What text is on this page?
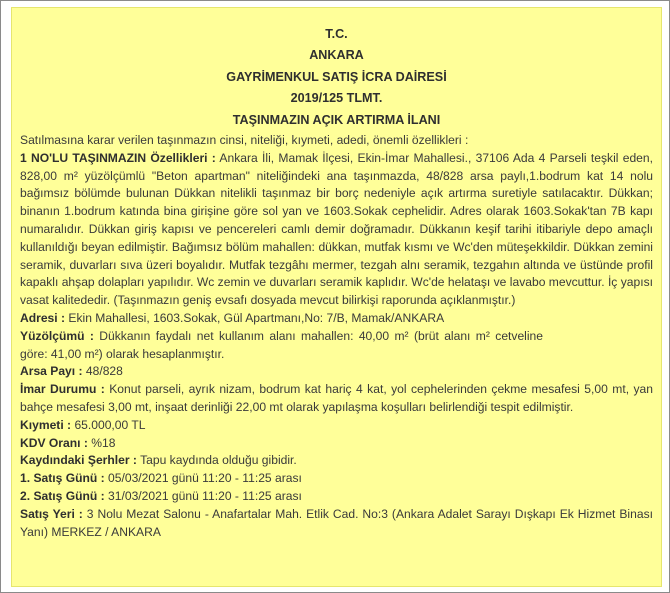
T.C.
ANKARA
GAYRİMENKUL SATIŞ İCRA DAİRESİ
2019/125 TLMT.
TAŞINMAZIN AÇIK ARTIRMA İLANI

Satılmasına karar verilen taşınmazın cinsi, niteliği, kıymeti, adedi, önemli özellikleri :

1 NO'LU TAŞINMAZIN Özellikleri : Ankara İli, Mamak İlçesi, Ekin-İmar Mahallesi., 37106 Ada 4 Parseli teşkil eden, 828,00 m² yüzölçümlü "Beton apartman" niteliğindeki ana taşınmazda, 48/828 arsa paylı,1.bodrum kat 14 nolu bağımsız bölümde bulunan Dükkan nitelikli taşınmaz bir borç nedeniyle açık artırma suretiyle satılacaktır. Dükkan; binanın 1.bodrum katında bina girişine göre sol yan ve 1603.Sokak cephelidir. Adres olarak 1603.Sokak'tan 7B kapı numaralıdır. Dükkan giriş kapısı ve pencereleri camlı demir doğramadır. Dükkanın keşif tarihi itibariyle depo amaçlı kullanıldığı beyan edilmiştir. Bağımsız bölüm mahallen: dükkan, mutfak kısmı ve Wc'den müteşekkildir. Dükkan zemini seramik, duvarları sıva üzeri boyalıdır. Mutfak tezgâhı mermer, tezgah alnı seramik, tezgahın altında ve üstünde profil kapaklı ahşap dolapları yapılıdır. Wc zemin ve duvarları seramik kaplıdır. Wc'de helataşı ve lavabo mevcuttur. İç yapısı vasat kalitededir. (Taşınmazın geniş evsafı dosyada mevcut bilirkişi raporunda açıklanmıştır.)

Adresi : Ekin Mahallesi, 1603.Sokak, Gül Apartmanı,No: 7/B, Mamak/ANKARA

Yüzölçümü : Dükkanın faydalı net kullanım alanı mahallen: 40,00 m² (brüt alanı m² cetveline göre: 41,00 m²) olarak hesaplanmıştır.

Arsa Payı : 48/828

İmar Durumu : Konut parseli, ayrık nizam, bodrum kat hariç 4 kat, yol cephelerinden çekme mesafesi 5,00 mt, yan bahçe mesafesi 3,00 mt, inşaat derinliği 22,00 mt olarak yapılaşma koşulları belirlendiği tespit edilmiştir.

Kıymeti : 65.000,00 TL

KDV Oranı : %18

Kaydındaki Şerhler : Tapu kaydında olduğu gibidir.

1. Satış Günü : 05/03/2021 günü 11:20 - 11:25 arası

2. Satış Günü : 31/03/2021 günü 11:20 - 11:25 arası

Satış Yeri : 3 Nolu Mezat Salonu - Anafartalar Mah. Etlik Cad. No:3 (Ankara Adalet Sarayı Dışkapı Ek Hizmet Binası Yanı) MERKEZ / ANKARA
